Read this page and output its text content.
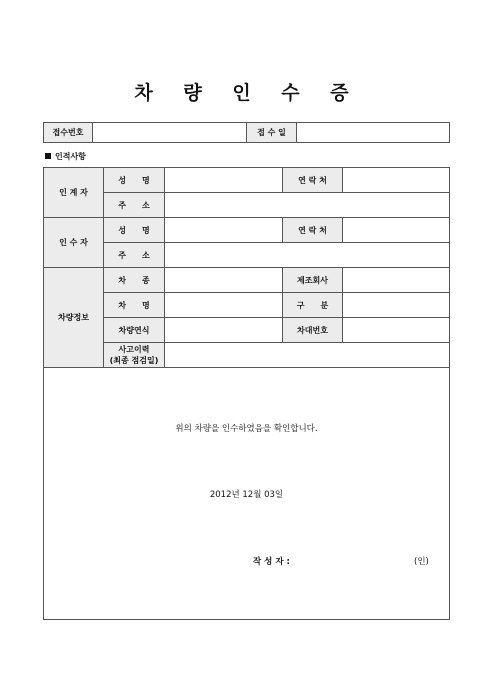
차 량 인 수 증
접수번호		접 수 일	
인적사항
인 계 자	성　　명		연 락 처	
	주　　소			
인 수 자	성　　명		연 락 처	
	주　　소			
차량정보	차　　종		제조회사	
	차　　명		구　　분	
	차량연식		차대번호	

	사고이력
(최종 점검일)			

위의 차량을 인수하였음을 확인합니다.
2012년 12월 03일
작 성 자 : (인)				
